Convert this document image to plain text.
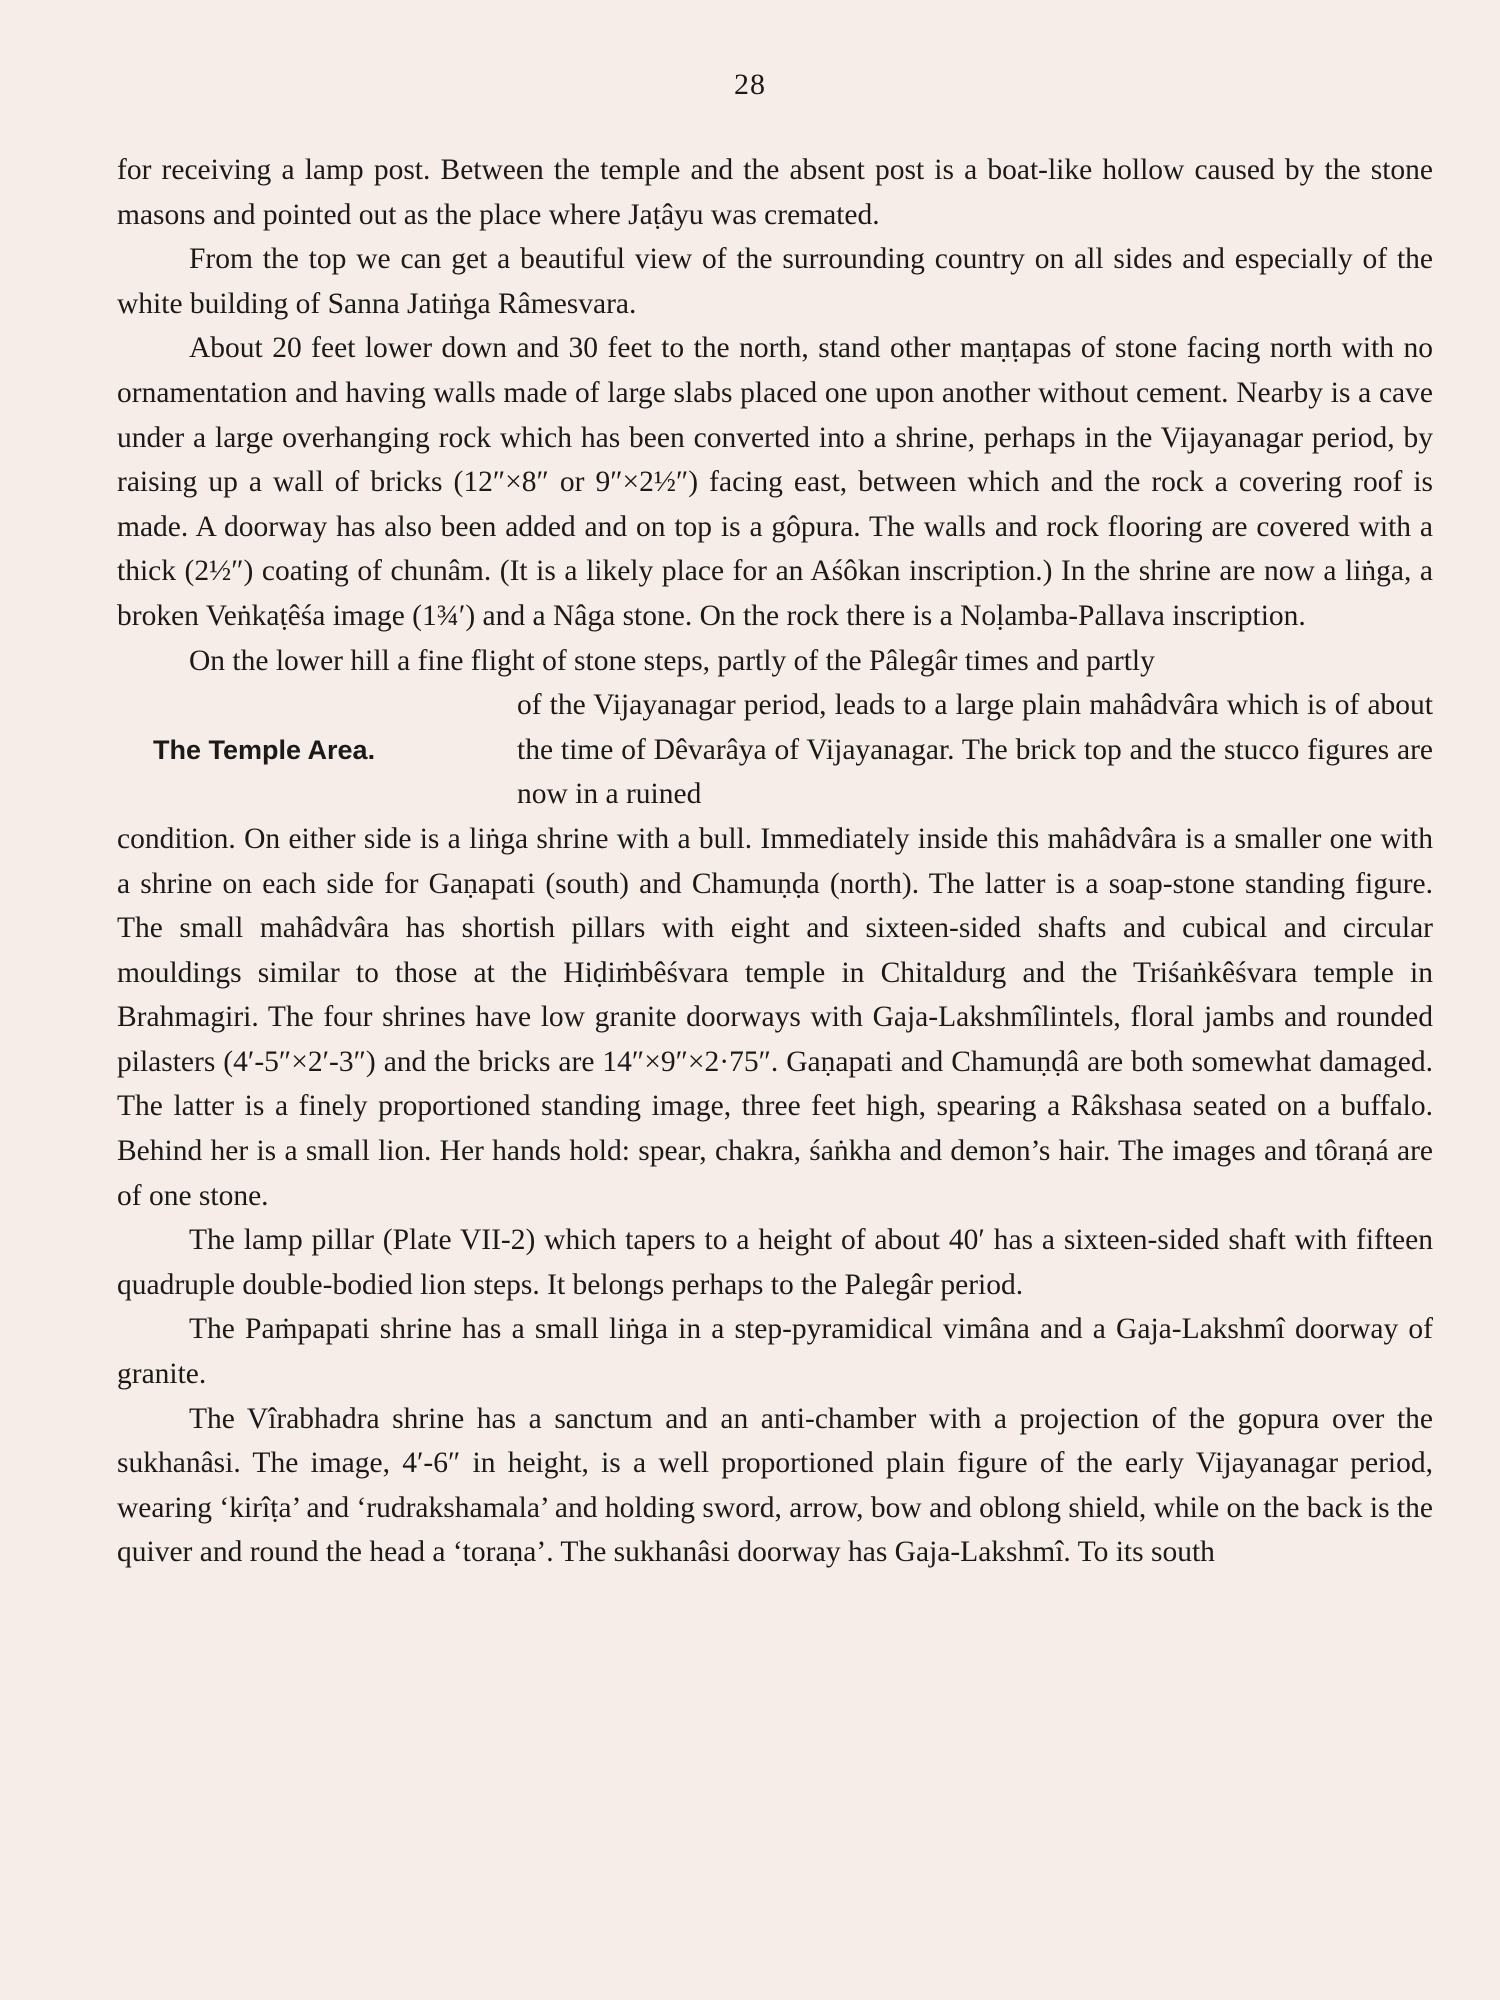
28

for receiving a lamp post. Between the temple and the absent post is a boat-like hollow caused by the stone masons and pointed out as the place where Jaṭâyu was cremated.

From the top we can get a beautiful view of the surrounding country on all sides and especially of the white building of Sanna Jatiṅga Râmesvara.

About 20 feet lower down and 30 feet to the north, stand other maṇṭapas of stone facing north with no ornamentation and having walls made of large slabs placed one upon another without cement. Nearby is a cave under a large overhanging rock which has been converted into a shrine, perhaps in the Vijayanagar period, by raising up a wall of bricks (12″×8″ or 9″×2½″) facing east, between which and the rock a covering roof is made. A doorway has also been added and on top is a gôpura. The walls and rock flooring are covered with a thick (2½″) coating of chunâm. (It is a likely place for an Aśôkan inscription.) In the shrine are now a liṅga, a broken Veṅkaṭêśa image (1¾′) and a Nâga stone. On the rock there is a Noḷamba-Pallava inscription.

On the lower hill a fine flight of stone steps, partly of the Pâlegâr times and partly

The Temple Area.

of the Vijayanagar period, leads to a large plain mahâdvâra which is of about the time of Dêvarâya of Vijayanagar. The brick top and the stucco figures are now in a ruined

condition. On either side is a liṅga shrine with a bull. Immediately inside this mahâdvâra is a smaller one with a shrine on each side for Gaṇapati (south) and Chamuṇḍa (north). The latter is a soap-stone standing figure. The small mahâdvâra has shortish pillars with eight and sixteen-sided shafts and cubical and circular mouldings similar to those at the Hiḍiṁbêśvara temple in Chitaldurg and the Triśaṅkêśvara temple in Brahmagiri. The four shrines have low granite doorways with Gaja-Lakshmîlintels, floral jambs and rounded pilasters (4′-5″×2′-3″) and the bricks are 14″×9″×2·75″. Gaṇapati and Chamuṇḍâ are both somewhat damaged. The latter is a finely proportioned standing image, three feet high, spearing a Râkshasa seated on a buffalo. Behind her is a small lion. Her hands hold: spear, chakra, śaṅkha and demon’s hair. The images and tôraṇá are of one stone.

The lamp pillar (Plate VII-2) which tapers to a height of about 40′ has a sixteen-sided shaft with fifteen quadruple double-bodied lion steps. It belongs perhaps to the Palegâr period.

The Paṁpapati shrine has a small liṅga in a step-pyramidical vimâna and a Gaja-Lakshmî doorway of granite.

The Vîrabhadra shrine has a sanctum and an anti-chamber with a projection of the gopura over the sukhanâsi. The image, 4′-6″ in height, is a well proportioned plain figure of the early Vijayanagar period, wearing ‘kirîṭa’ and ‘rudrakshamala’ and holding sword, arrow, bow and oblong shield, while on the back is the quiver and round the head a ‘toraṇa’. The sukhanâsi doorway has Gaja-Lakshmî. To its south
